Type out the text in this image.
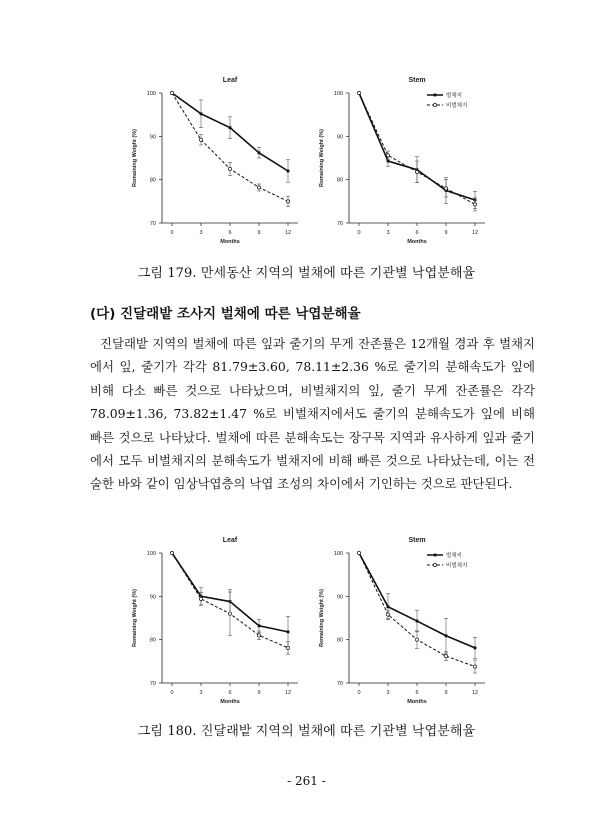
Leaf
70
80
90
100
0	3	6	9	12
Months
Remaining Weight (%)
Stem
70
80
90
100
0	3	6	9	12
Months
Remaining Weight (%)
벌채지
비벌채지
그림 179. 만세동산 지역의 벌채에 따른 기관별 낙엽분해율
(다) 진달래밭 조사지 벌채에 따른 낙엽분해율

진달래밭 지역의 벌채에 따른 잎과 줄기의 무게 잔존률은 12개월 경과 후 벌채지에서 잎, 줄기가 각각 81.79±3.60, 78.11±2.36 %로 줄기의 분해속도가 잎에 비해 다소 빠른 것으로 나타났으며, 비벌채지의 잎, 줄기 무게 잔존률은 각각 78.09±1.36, 73.82±1.47 %로 비벌채지에서도 줄기의 분해속도가 잎에 비해 빠른 것으로 나타났다. 벌채에 따른 분해속도는 장구목 지역과 유사하게 잎과 줄기에서 모두 비벌채지의 분해속도가 벌채지에 비해 빠른 것으로 나타났는데, 이는 전술한 바와 같이 임상낙엽층의 낙엽 조성의 차이에서 기인하는 것으로 판단된다.

Leaf
70
80
90
100
0	3	6	9	12
Months
Remaining Weight (%)
Stem
70
80
90
100
0	3	6	9	12
Months
Remaining Weight (%)
벌채지
비벌채지
그림 180. 진달래밭 지역의 벌채에 따른 기관별 낙엽분해율
- 261 -
